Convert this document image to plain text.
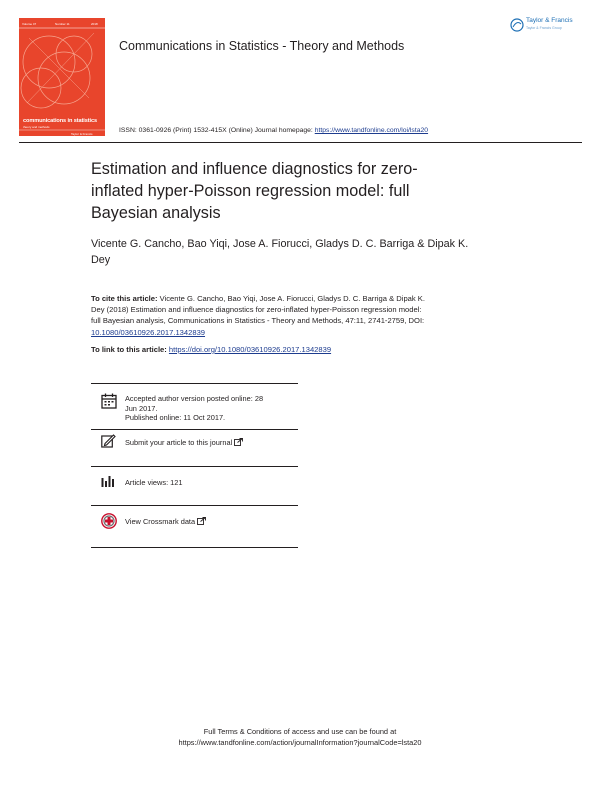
Volume 47	Number 11	2018
communications in statistics
theory and methods
Taylor & Francis
Taylor & Francis
Taylor & Francis Group
Communications in Statistics - Theory and Methods
ISSN: 0361-0926 (Print) 1532-415X (Online) Journal homepage: https://www.tandfonline.com/loi/lsta20
Estimation and influence diagnostics for zero-
inflated hyper-Poisson regression model: full
Bayesian analysis
Vicente G. Cancho, Bao Yiqi, Jose A. Fiorucci, Gladys D. C. Barriga & Dipak K.
Dey
To cite this article: Vicente G. Cancho, Bao Yiqi, Jose A. Fiorucci, Gladys D. C. Barriga & Dipak K.
Dey (2018) Estimation and influence diagnostics for zero-inflated hyper-Poisson regression model:
full Bayesian analysis, Communications in Statistics - Theory and Methods, 47:11, 2741-2759, DOI:
10.1080/03610926.2017.1342839
To link to this article: https://doi.org/10.1080/03610926.2017.1342839
Accepted author version posted online: 28
Jun 2017.
Published online: 11 Oct 2017.
Submit your article to this journal
Article views: 121
View Crossmark data
Full Terms & Conditions of access and use can be found at
https://www.tandfonline.com/action/journalInformation?journalCode=lsta20
